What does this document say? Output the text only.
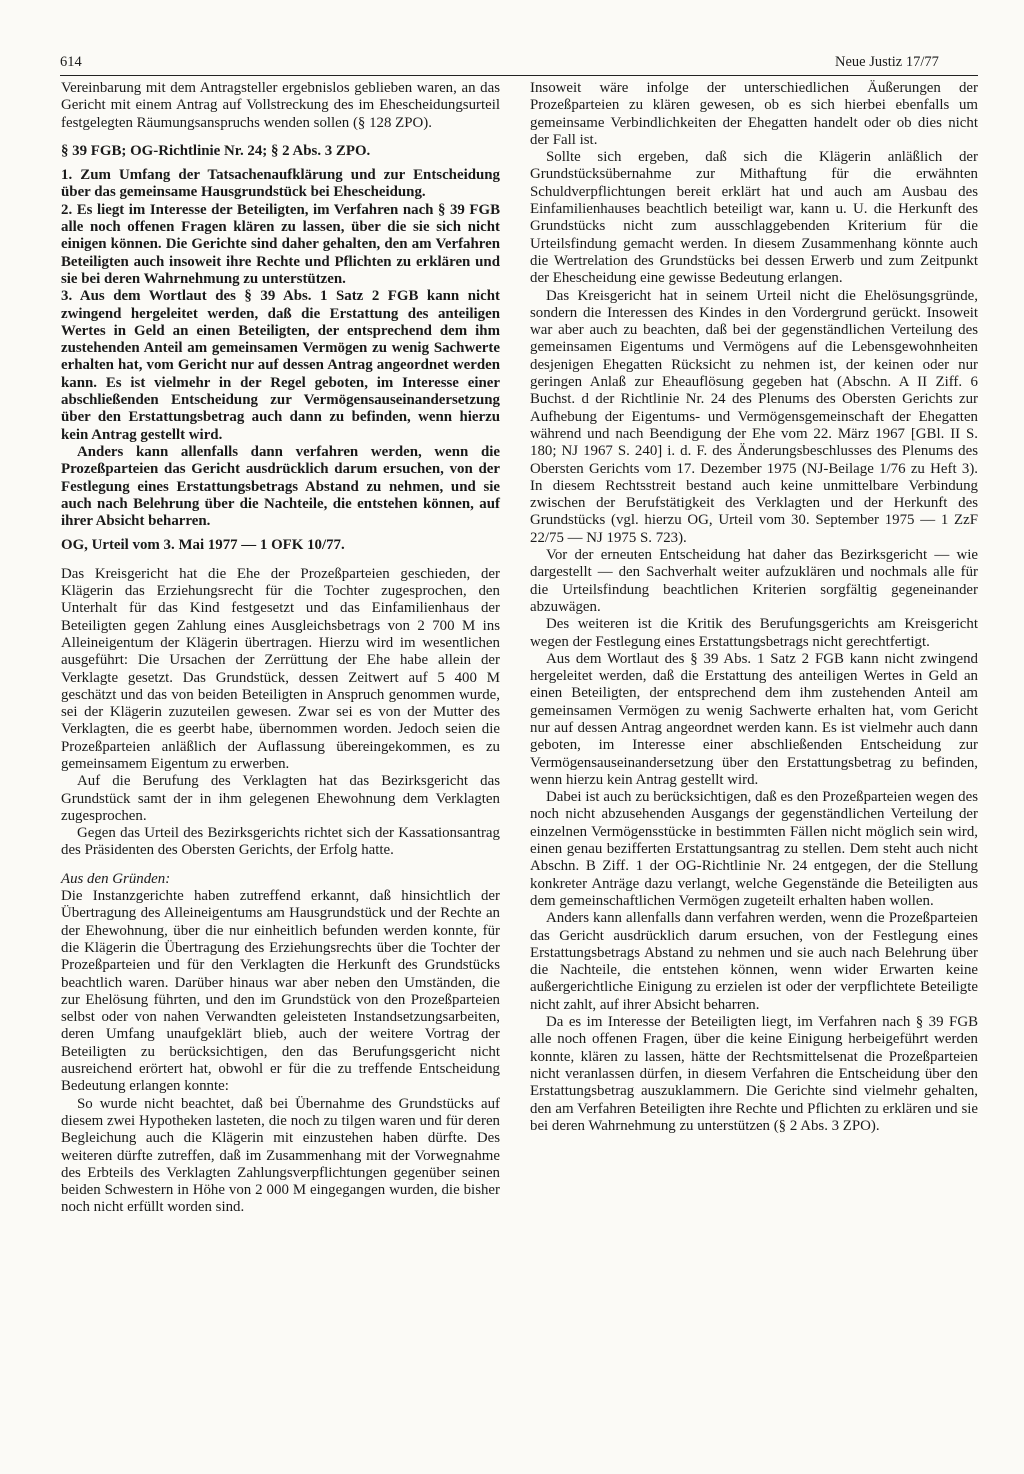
614	Neue Justiz 17/77

Vereinbarung mit dem Antragsteller ergebnislos geblieben waren, an das Gericht mit einem Antrag auf Vollstreckung des im Ehescheidungsurteil festgelegten Räumungsanspruchs wenden sollen (§ 128 ZPO).

§ 39 FGB; OG-Richtlinie Nr. 24; § 2 Abs. 3 ZPO.

1. Zum Umfang der Tatsachenaufklärung und zur Entscheidung über das gemeinsame Hausgrundstück bei Ehescheidung.

2. Es liegt im Interesse der Beteiligten, im Verfahren nach § 39 FGB alle noch offenen Fragen klären zu lassen, über die sie sich nicht einigen können. Die Gerichte sind daher gehalten, den am Verfahren Beteiligten auch insoweit ihre Rechte und Pflichten zu erklären und sie bei deren Wahrnehmung zu unterstützen.

3. Aus dem Wortlaut des § 39 Abs. 1 Satz 2 FGB kann nicht zwingend hergeleitet werden, daß die Erstattung des anteiligen Wertes in Geld an einen Beteiligten, der entsprechend dem ihm zustehenden Anteil am gemeinsamen Vermögen zu wenig Sachwerte erhalten hat, vom Gericht nur auf dessen Antrag angeordnet werden kann. Es ist vielmehr in der Regel geboten, im Interesse einer abschließenden Entscheidung zur Vermögensauseinandersetzung über den Erstattungsbetrag auch dann zu befinden, wenn hierzu kein Antrag gestellt wird.

Anders kann allenfalls dann verfahren werden, wenn die Prozeßparteien das Gericht ausdrücklich darum ersuchen, von der Festlegung eines Erstattungsbetrags Abstand zu nehmen, und sie auch nach Belehrung über die Nachteile, die entstehen können, auf ihrer Absicht beharren.

OG, Urteil vom 3. Mai 1977 — 1 OFK 10/77.

Das Kreisgericht hat die Ehe der Prozeßparteien geschieden, der Klägerin das Erziehungsrecht für die Tochter zugesprochen, den Unterhalt für das Kind festgesetzt und das Einfamilienhaus der Beteiligten gegen Zahlung eines Ausgleichsbetrags von 2 700 M ins Alleineigentum der Klägerin übertragen. Hierzu wird im wesentlichen ausgeführt: Die Ursachen der Zerrüttung der Ehe habe allein der Verklagte gesetzt. Das Grundstück, dessen Zeitwert auf 5 400 M geschätzt und das von beiden Beteiligten in Anspruch genommen wurde, sei der Klägerin zuzuteilen gewesen. Zwar sei es von der Mutter des Verklagten, die es geerbt habe, übernommen worden. Jedoch seien die Prozeßparteien anläßlich der Auflassung übereingekommen, es zu gemeinsamem Eigentum zu erwerben.

Auf die Berufung des Verklagten hat das Bezirksgericht das Grundstück samt der in ihm gelegenen Ehewohnung dem Verklagten zugesprochen.

Gegen das Urteil des Bezirksgerichts richtet sich der Kassationsantrag des Präsidenten des Obersten Gerichts, der Erfolg hatte.

Aus den Gründen:

Die Instanzgerichte haben zutreffend erkannt, daß hinsichtlich der Übertragung des Alleineigentums am Hausgrundstück und der Rechte an der Ehewohnung, über die nur einheitlich befunden werden konnte, für die Klägerin die Übertragung des Erziehungsrechts über die Tochter der Prozeßparteien und für den Verklagten die Herkunft des Grundstücks beachtlich waren. Darüber hinaus war aber neben den Umständen, die zur Ehelösung führten, und den im Grundstück von den Prozeßparteien selbst oder von nahen Verwandten geleisteten Instandsetzungsarbeiten, deren Umfang unaufgeklärt blieb, auch der weitere Vortrag der Beteiligten zu berücksichtigen, den das Berufungsgericht nicht ausreichend erörtert hat, obwohl er für die zu treffende Entscheidung Bedeutung erlangen konnte:

So wurde nicht beachtet, daß bei Übernahme des Grundstücks auf diesem zwei Hypotheken lasteten, die noch zu tilgen waren und für deren Begleichung auch die Klägerin mit einzustehen haben dürfte. Des weiteren dürfte zutreffen, daß im Zusammenhang mit der Vorwegnahme des Erbteils des Verklagten Zahlungsverpflichtungen gegenüber seinen beiden Schwestern in Höhe von 2 000 M eingegangen wurden, die bisher noch nicht erfüllt worden sind.

Insoweit wäre infolge der unterschiedlichen Äußerungen der Prozeßparteien zu klären gewesen, ob es sich hierbei ebenfalls um gemeinsame Verbindlichkeiten der Ehegatten handelt oder ob dies nicht der Fall ist.

Sollte sich ergeben, daß sich die Klägerin anläßlich der Grundstücksübernahme zur Mithaftung für die erwähnten Schuldverpflichtungen bereit erklärt hat und auch am Ausbau des Einfamilienhauses beachtlich beteiligt war, kann u. U. die Herkunft des Grundstücks nicht zum ausschlaggebenden Kriterium für die Urteilsfindung gemacht werden. In diesem Zusammenhang könnte auch die Wertrelation des Grundstücks bei dessen Erwerb und zum Zeitpunkt der Ehescheidung eine gewisse Bedeutung erlangen.

Das Kreisgericht hat in seinem Urteil nicht die Ehelösungsgründe, sondern die Interessen des Kindes in den Vordergrund gerückt. Insoweit war aber auch zu beachten, daß bei der gegenständlichen Verteilung des gemeinsamen Eigentums und Vermögens auf die Lebensgewohnheiten desjenigen Ehegatten Rücksicht zu nehmen ist, der keinen oder nur geringen Anlaß zur Eheauflösung gegeben hat (Abschn. A II Ziff. 6 Buchst. d der Richtlinie Nr. 24 des Plenums des Obersten Gerichts zur Aufhebung der Eigentums- und Vermögensgemeinschaft der Ehegatten während und nach Beendigung der Ehe vom 22. März 1967 [GBl. II S. 180; NJ 1967 S. 240] i. d. F. des Änderungsbeschlusses des Plenums des Obersten Gerichts vom 17. Dezember 1975 (NJ-Beilage 1/76 zu Heft 3). In diesem Rechtsstreit bestand auch keine unmittelbare Verbindung zwischen der Berufstätigkeit des Verklagten und der Herkunft des Grundstücks (vgl. hierzu OG, Urteil vom 30. September 1975 — 1 ZzF 22/75 — NJ 1975 S. 723).

Vor der erneuten Entscheidung hat daher das Bezirksgericht — wie dargestellt — den Sachverhalt weiter aufzuklären und nochmals alle für die Urteilsfindung beachtlichen Kriterien sorgfältig gegeneinander abzuwägen.

Des weiteren ist die Kritik des Berufungsgerichts am Kreisgericht wegen der Festlegung eines Erstattungsbetrags nicht gerechtfertigt.

Aus dem Wortlaut des § 39 Abs. 1 Satz 2 FGB kann nicht zwingend hergeleitet werden, daß die Erstattung des anteiligen Wertes in Geld an einen Beteiligten, der entsprechend dem ihm zustehenden Anteil am gemeinsamen Vermögen zu wenig Sachwerte erhalten hat, vom Gericht nur auf dessen Antrag angeordnet werden kann. Es ist vielmehr auch dann geboten, im Interesse einer abschließenden Entscheidung zur Vermögensauseinandersetzung über den Erstattungsbetrag zu befinden, wenn hierzu kein Antrag gestellt wird.

Dabei ist auch zu berücksichtigen, daß es den Prozeßparteien wegen des noch nicht abzusehenden Ausgangs der gegenständlichen Verteilung der einzelnen Vermögensstücke in bestimmten Fällen nicht möglich sein wird, einen genau bezifferten Erstattungsantrag zu stellen. Dem steht auch nicht Abschn. B Ziff. 1 der OG-Richtlinie Nr. 24 entgegen, der die Stellung konkreter Anträge dazu verlangt, welche Gegenstände die Beteiligten aus dem gemeinschaftlichen Vermögen zugeteilt erhalten haben wollen.

Anders kann allenfalls dann verfahren werden, wenn die Prozeßparteien das Gericht ausdrücklich darum ersuchen, von der Festlegung eines Erstattungsbetrags Abstand zu nehmen und sie auch nach Belehrung über die Nachteile, die entstehen können, wenn wider Erwarten keine außergerichtliche Einigung zu erzielen ist oder der verpflichtete Beteiligte nicht zahlt, auf ihrer Absicht beharren.

Da es im Interesse der Beteiligten liegt, im Verfahren nach § 39 FGB alle noch offenen Fragen, über die keine Einigung herbeigeführt werden konnte, klären zu lassen, hätte der Rechtsmittelsenat die Prozeßparteien nicht veranlassen dürfen, in diesem Verfahren die Entscheidung über den Erstattungsbetrag auszuklammern. Die Gerichte sind vielmehr gehalten, den am Verfahren Beteiligten ihre Rechte und Pflichten zu erklären und sie bei deren Wahrnehmung zu unterstützen (§ 2 Abs. 3 ZPO).
